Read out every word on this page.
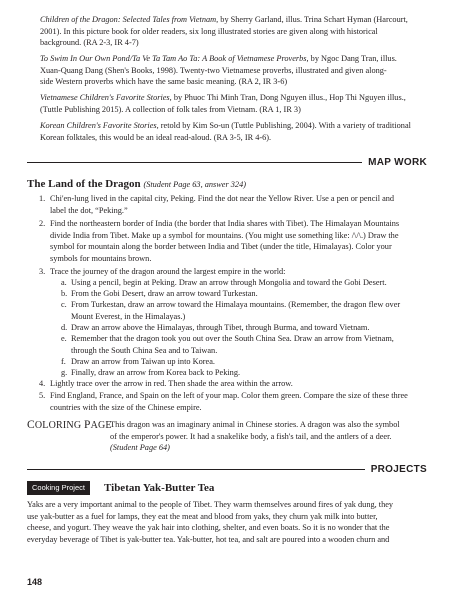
Children of the Dragon: Selected Tales from Vietnam, by Sherry Garland, illus. Trina Schart Hyman (Harcourt,
2001). In this picture book for older readers, six long illustrated stories are given along with historical
background. (RA 2-3, IR 4-7)
To Swim In Our Own Pond/Ta Ve Ta Tam Ao Ta: A Book of Vietnamese Proverbs, by Ngoc Dang Tran, illus.
Xuan-Quang Dang (Shen's Books, 1998). Twenty-two Vietnamese proverbs, illustrated and given along-
side Western proverbs which have the same basic meaning. (RA 2, IR 3-6)
Vietnamese Children's Favorite Stories, by Phuoc Thi Minh Tran, Dong Nguyen illus., Hop Thi Nguyen illus.,
(Tuttle Publishing 2015). A collection of folk tales from Vietnam. (RA 1, IR 3)
Korean Children's Favorite Stories, retold by Kim So-un (Tuttle Publishing, 2004). With a variety of traditional
Korean folktales, this would be an ideal read-aloud. (RA 3-5, IR 4-6).
MAP WORK
The Land of the Dragon (Student Page 63, answer 324)
1. Chi'en-lung lived in the capital city, Peking. Find the dot near the Yellow River. Use a pen or pencil and
label the dot, “Peking.”
2. Find the northeastern border of India (the border that India shares with Tibet). The Himalayan Mountains
divide India from Tibet. Make up a symbol for mountains. (You might use something like: /\/\.) Draw the
symbol for mountain along the border between India and Tibet (under the title, Himalayas). Color your
symbols for mountains brown.
3. Trace the journey of the dragon around the largest empire in the world:
a. Using a pencil, begin at Peking. Draw an arrow through Mongolia and toward the Gobi Desert.
b. From the Gobi Desert, draw an arrow toward Turkestan.
c. From Turkestan, draw an arrow toward the Himalaya mountains. (Remember, the dragon flew over
Mount Everest, in the Himalayas.)
d. Draw an arrow above the Himalayas, through Tibet, through Burma, and toward Vietnam.
e. Remember that the dragon took you out over the South China Sea. Draw an arrow from Vietnam,
through the South China Sea and to Taiwan.
f. Draw an arrow from Taiwan up into Korea.
g. Finally, draw an arrow from Korea back to Peking.
4. Lightly trace over the arrow in red. Then shade the area within the arrow.
5. Find England, France, and Spain on the left of your map. Color them green. Compare the size of these three
countries with the size of the Chinese empire.
COLORING PAGE
This dragon was an imaginary animal in Chinese stories. A dragon was also the symbol
of the emperor's power. It had a snakelike body, a fish's tail, and the antlers of a deer.
(Student Page 64)
PROJECTS
Cooking Project	Tibetan Yak-Butter Tea
Yaks are a very important animal to the people of Tibet. They warm themselves around fires of yak dung, they
use yak-butter as a fuel for lamps, they eat the meat and blood from yaks, they churn yak milk into butter,
cheese, and yogurt. They weave the yak hair into clothing, shelter, and even boats. So it is no wonder that the
everyday beverage of Tibet is yak-butter tea. Yak-butter, hot tea, and salt are poured into a wooden churn and
148
